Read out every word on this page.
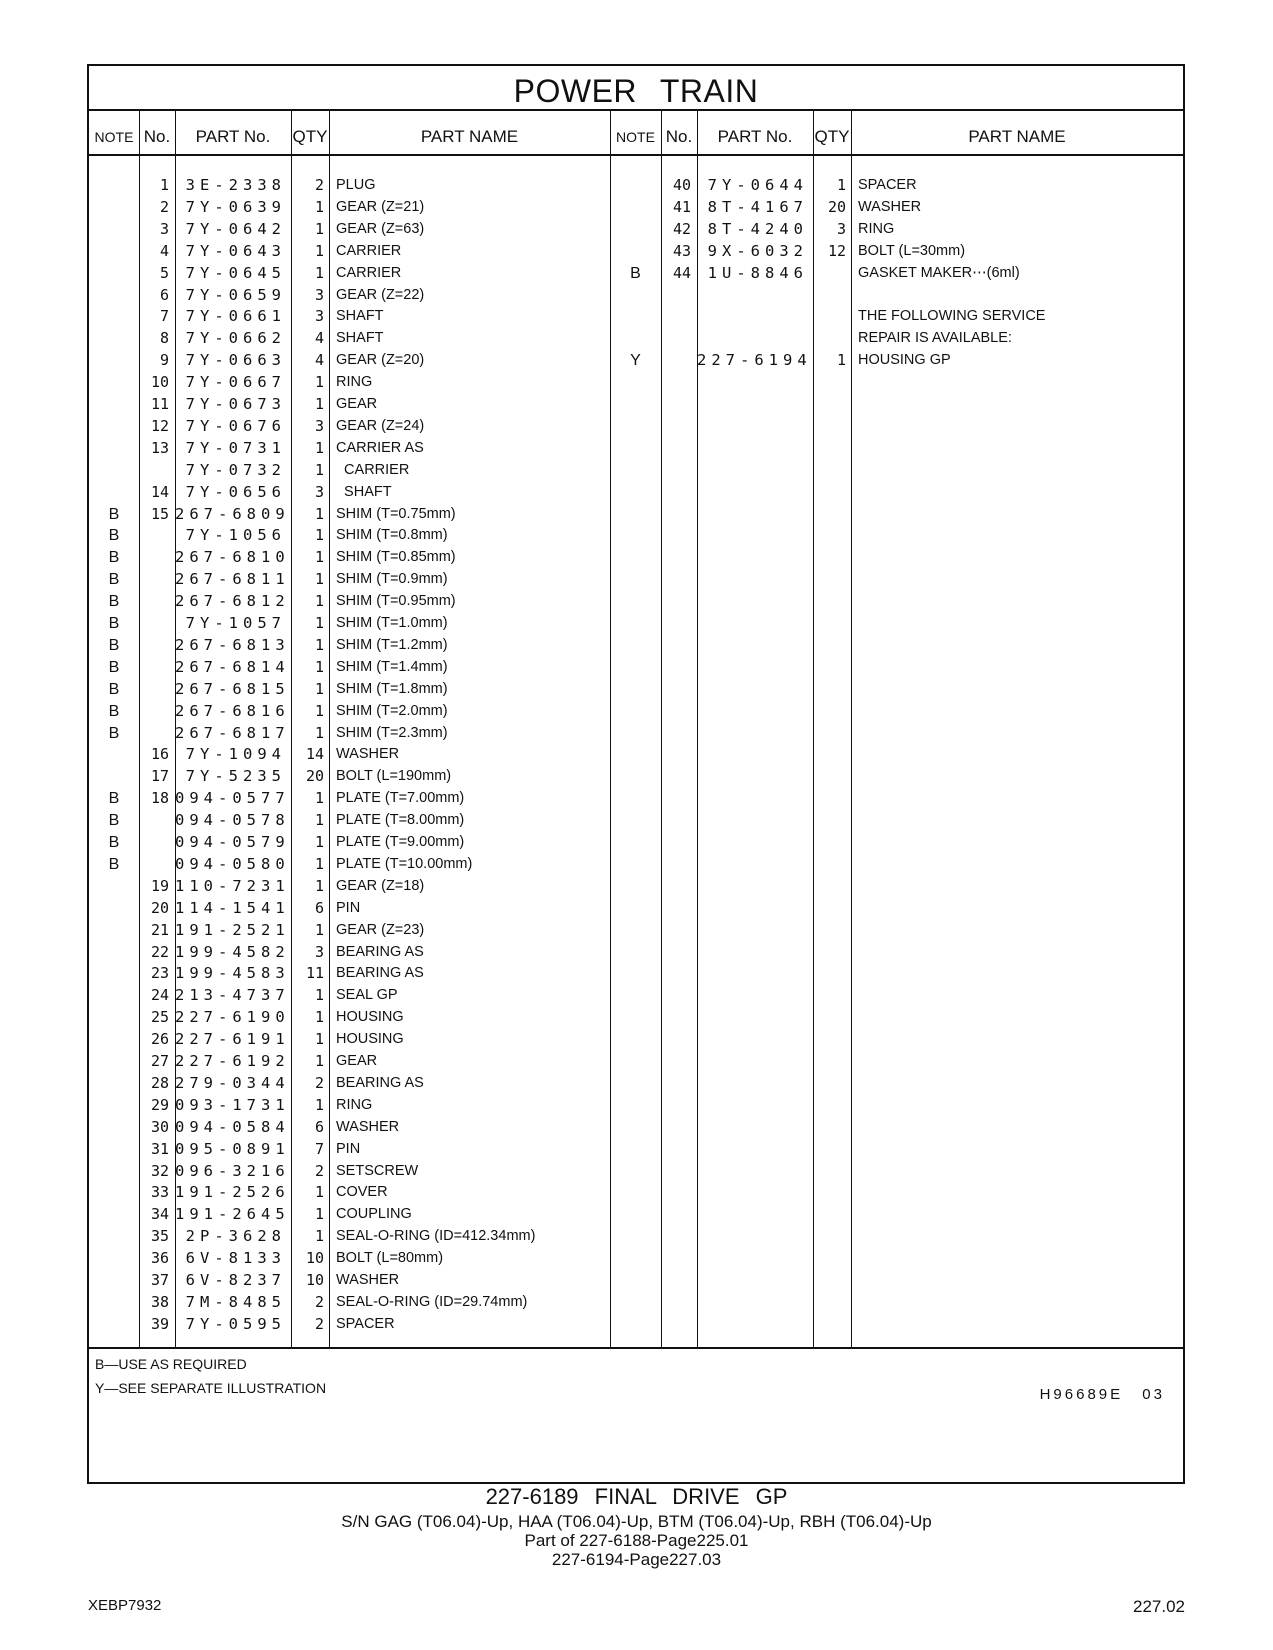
POWER TRAIN
NOTE No.	PART No.	QTY	PART NAME	NOTE No.	PART No.	QTY	PART NAME
1	3E-2338	2 PLUG
2	7Y-0639	1 GEAR (Z=21)
3	7Y-0642	1 GEAR (Z=63)
4	7Y-0643	1 CARRIER
5	7Y-0645	1 CARRIER
6	7Y-0659	3 GEAR (Z=22)
7	7Y-0661	3 SHAFT
8	7Y-0662	4 SHAFT
9	7Y-0663	4 GEAR (Z=20)
10	7Y-0667	1 RING
11	7Y-0673	1 GEAR
12	7Y-0676	3 GEAR (Z=24)
13	7Y-0731	1 CARRIER AS
7Y-0732	1 CARRIER
14	7Y-0656	3 SHAFT
B	15 267-6809	1 SHIM (T=0.75mm)
B	7Y-1056	1 SHIM (T=0.8mm)
B	267-6810	1 SHIM (T=0.85mm)
B	267-6811	1 SHIM (T=0.9mm)
B	267-6812	1 SHIM (T=0.95mm)
B	7Y-1057	1 SHIM (T=1.0mm)
B	267-6813	1 SHIM (T=1.2mm)
B	267-6814	1 SHIM (T=1.4mm)
B	267-6815	1 SHIM (T=1.8mm)
B	267-6816	1 SHIM (T=2.0mm)
B	267-6817	1 SHIM (T=2.3mm)
16	7Y-1094	14 WASHER
17	7Y-5235	20 BOLT (L=190mm)
B	18 094-0577	1 PLATE (T=7.00mm)
B	094-0578	1 PLATE (T=8.00mm)
B	094-0579	1 PLATE (T=9.00mm)
B	094-0580	1 PLATE (T=10.00mm)
19 110-7231	1 GEAR (Z=18)
20 114-1541	6 PIN
21 191-2521	1 GEAR (Z=23)
22 199-4582	3 BEARING AS
23 199-4583	11 BEARING AS
24 213-4737	1 SEAL GP
25 227-6190	1 HOUSING
26 227-6191	1 HOUSING
27 227-6192	1 GEAR
28 279-0344	2 BEARING AS
29 093-1731	1 RING
30 094-0584	6 WASHER
31 095-0891	7 PIN
32 096-3216	2 SETSCREW
33 191-2526	1 COVER
34 191-2645	1 COUPLING
35	2P-3628	1 SEAL-O-RING (ID=412.34mm)
36	6V-8133	10 BOLT (L=80mm)
37	6V-8237	10 WASHER
38	7M-8485	2 SEAL-O-RING (ID=29.74mm)
39	7Y-0595	2 SPACER
40	7Y-0644	1 SPACER
41	8T-4167	20 WASHER
42	8T-4240	3 RING
43	9X-6032	12 BOLT (L=30mm)
B	44	1U-8846	GASKET MAKER⋯(6ml)
THE FOLLOWING SERVICE
REPAIR IS AVAILABLE:
Y	227-6194	1 HOUSING GP
B—USE AS REQUIRED
Y—SEE SEPARATE ILLUSTRATION	H96689E 03
227-6189 FINAL DRIVE GP
S/N GAG (T06.04)-Up, HAA (T06.04)-Up, BTM (T06.04)-Up, RBH (T06.04)-Up
Part of 227-6188-Page225.01
227-6194-Page227.03
XEBP7932	227.02
